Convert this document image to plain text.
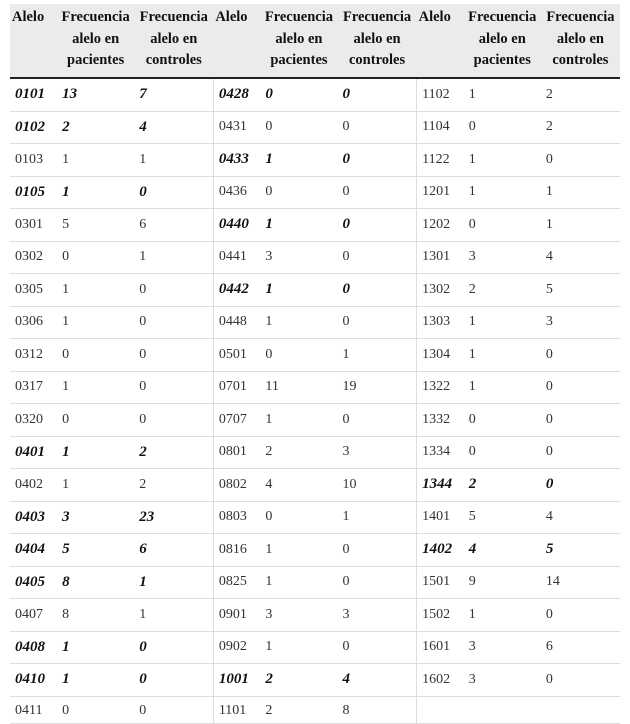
Alelo	Frecuencia alelo en pacientes	Frecuencia alelo en controles	Alelo	Frecuencia alelo en pacientes	Frecuencia alelo en controles	Alelo	Frecuencia alelo en pacientes	Frecuencia alelo en controles
0101	13	7	0428	0	0	1102	1	2
0102	2	4	0431	0	0	1104	0	2
0103	1	1	0433	1	0	1122	1	0
0105	1	0	0436	0	0	1201	1	1
0301	5	6	0440	1	0	1202	0	1
0302	0	1	0441	3	0	1301	3	4
0305	1	0	0442	1	0	1302	2	5
0306	1	0	0448	1	0	1303	1	3
0312	0	0	0501	0	1	1304	1	0
0317	1	0	0701	11	19	1322	1	0
0320	0	0	0707	1	0	1332	0	0
0401	1	2	0801	2	3	1334	0	0
0402	1	2	0802	4	10	1344	2	0
0403	3	23	0803	0	1	1401	5	4
0404	5	6	0816	1	0	1402	4	5
0405	8	1	0825	1	0	1501	9	14
0407	8	1	0901	3	3	1502	1	0
0408	1	0	0902	1	0	1601	3	6
0410	1	0	1001	2	4	1602	3	0
0411	0	0	1101	2	8			
